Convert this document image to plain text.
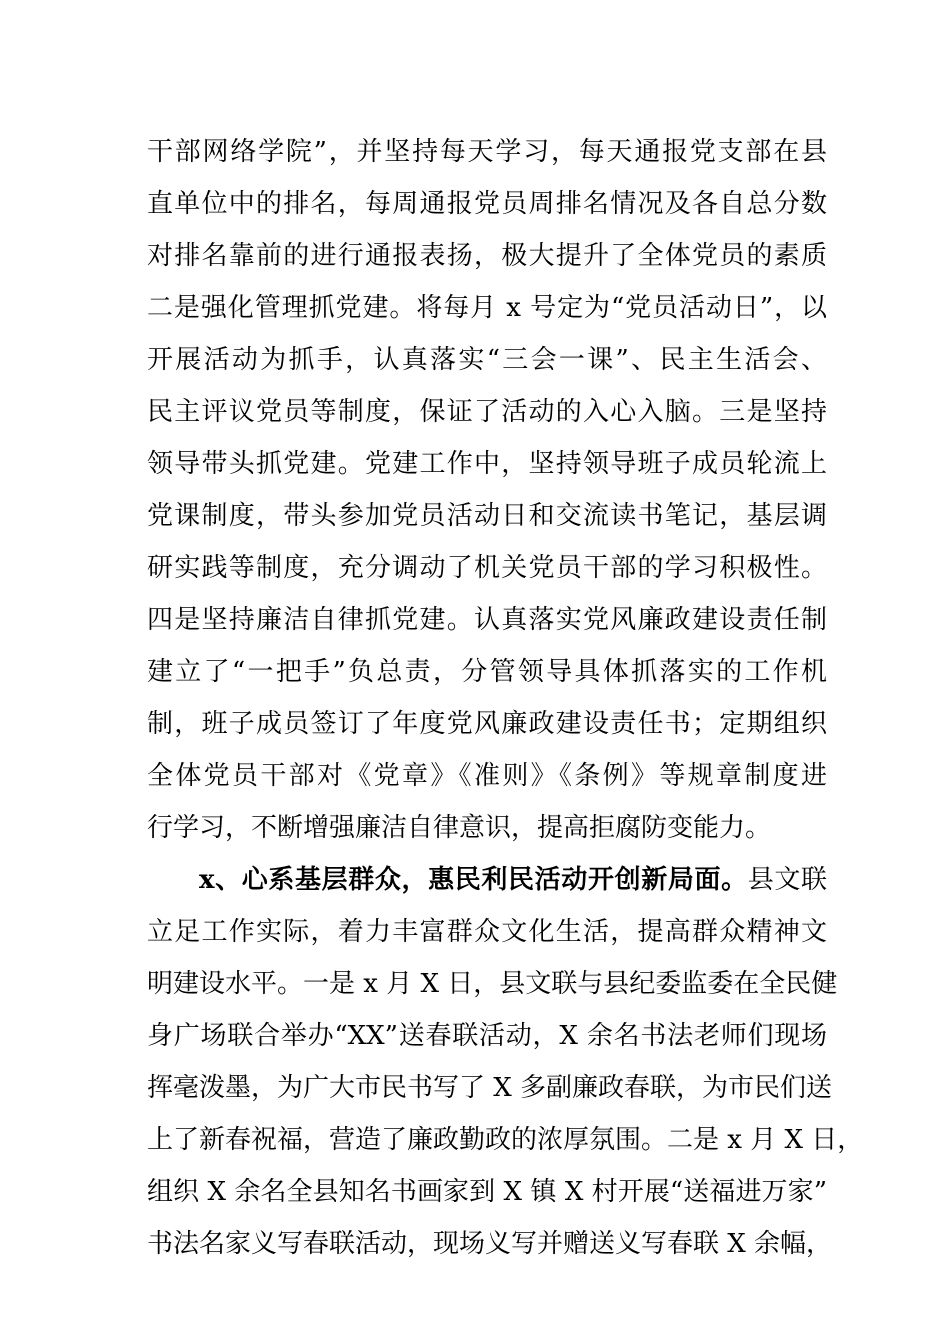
干部网络学院”，并坚持每天学习，每天通报党支部在县
直单位中的排名，每周通报党员周排名情况及各自总分数
对排名靠前的进行通报表扬，极大提升了全体党员的素质
二是强化管理抓党建。将每月 x 号定为“党员活动日”，以
开展活动为抓手，认真落实“三会一课”、民主生活会、
民主评议党员等制度，保证了活动的入心入脑。三是坚持
领导带头抓党建。党建工作中，坚持领导班子成员轮流上
党课制度，带头参加党员活动日和交流读书笔记，基层调
研实践等制度，充分调动了机关党员干部的学习积极性。
四是坚持廉洁自律抓党建。认真落实党风廉政建设责任制
建立了“一把手”负总责，分管领导具体抓落实的工作机
制，班子成员签订了年度党风廉政建设责任书；定期组织
全体党员干部对《党章》《准则》《条例》等规章制度进
行学习，不断增强廉洁自律意识，提高拒腐防变能力。
x、心系基层群众，惠民利民活动开创新局面。县文联
立足工作实际，着力丰富群众文化生活，提高群众精神文
明建设水平。一是 x 月 X 日，县文联与县纪委监委在全民健
身广场联合举办“XX”送春联活动，X 余名书法老师们现场
挥毫泼墨，为广大市民书写了 X 多副廉政春联，为市民们送
上了新春祝福，营造了廉政勤政的浓厚氛围。二是 x 月 X 日，
组织 X 余名全县知名书画家到 X 镇 X 村开展“送福进万家”
书法名家义写春联活动，现场义写并赠送义写春联 X 余幅，
